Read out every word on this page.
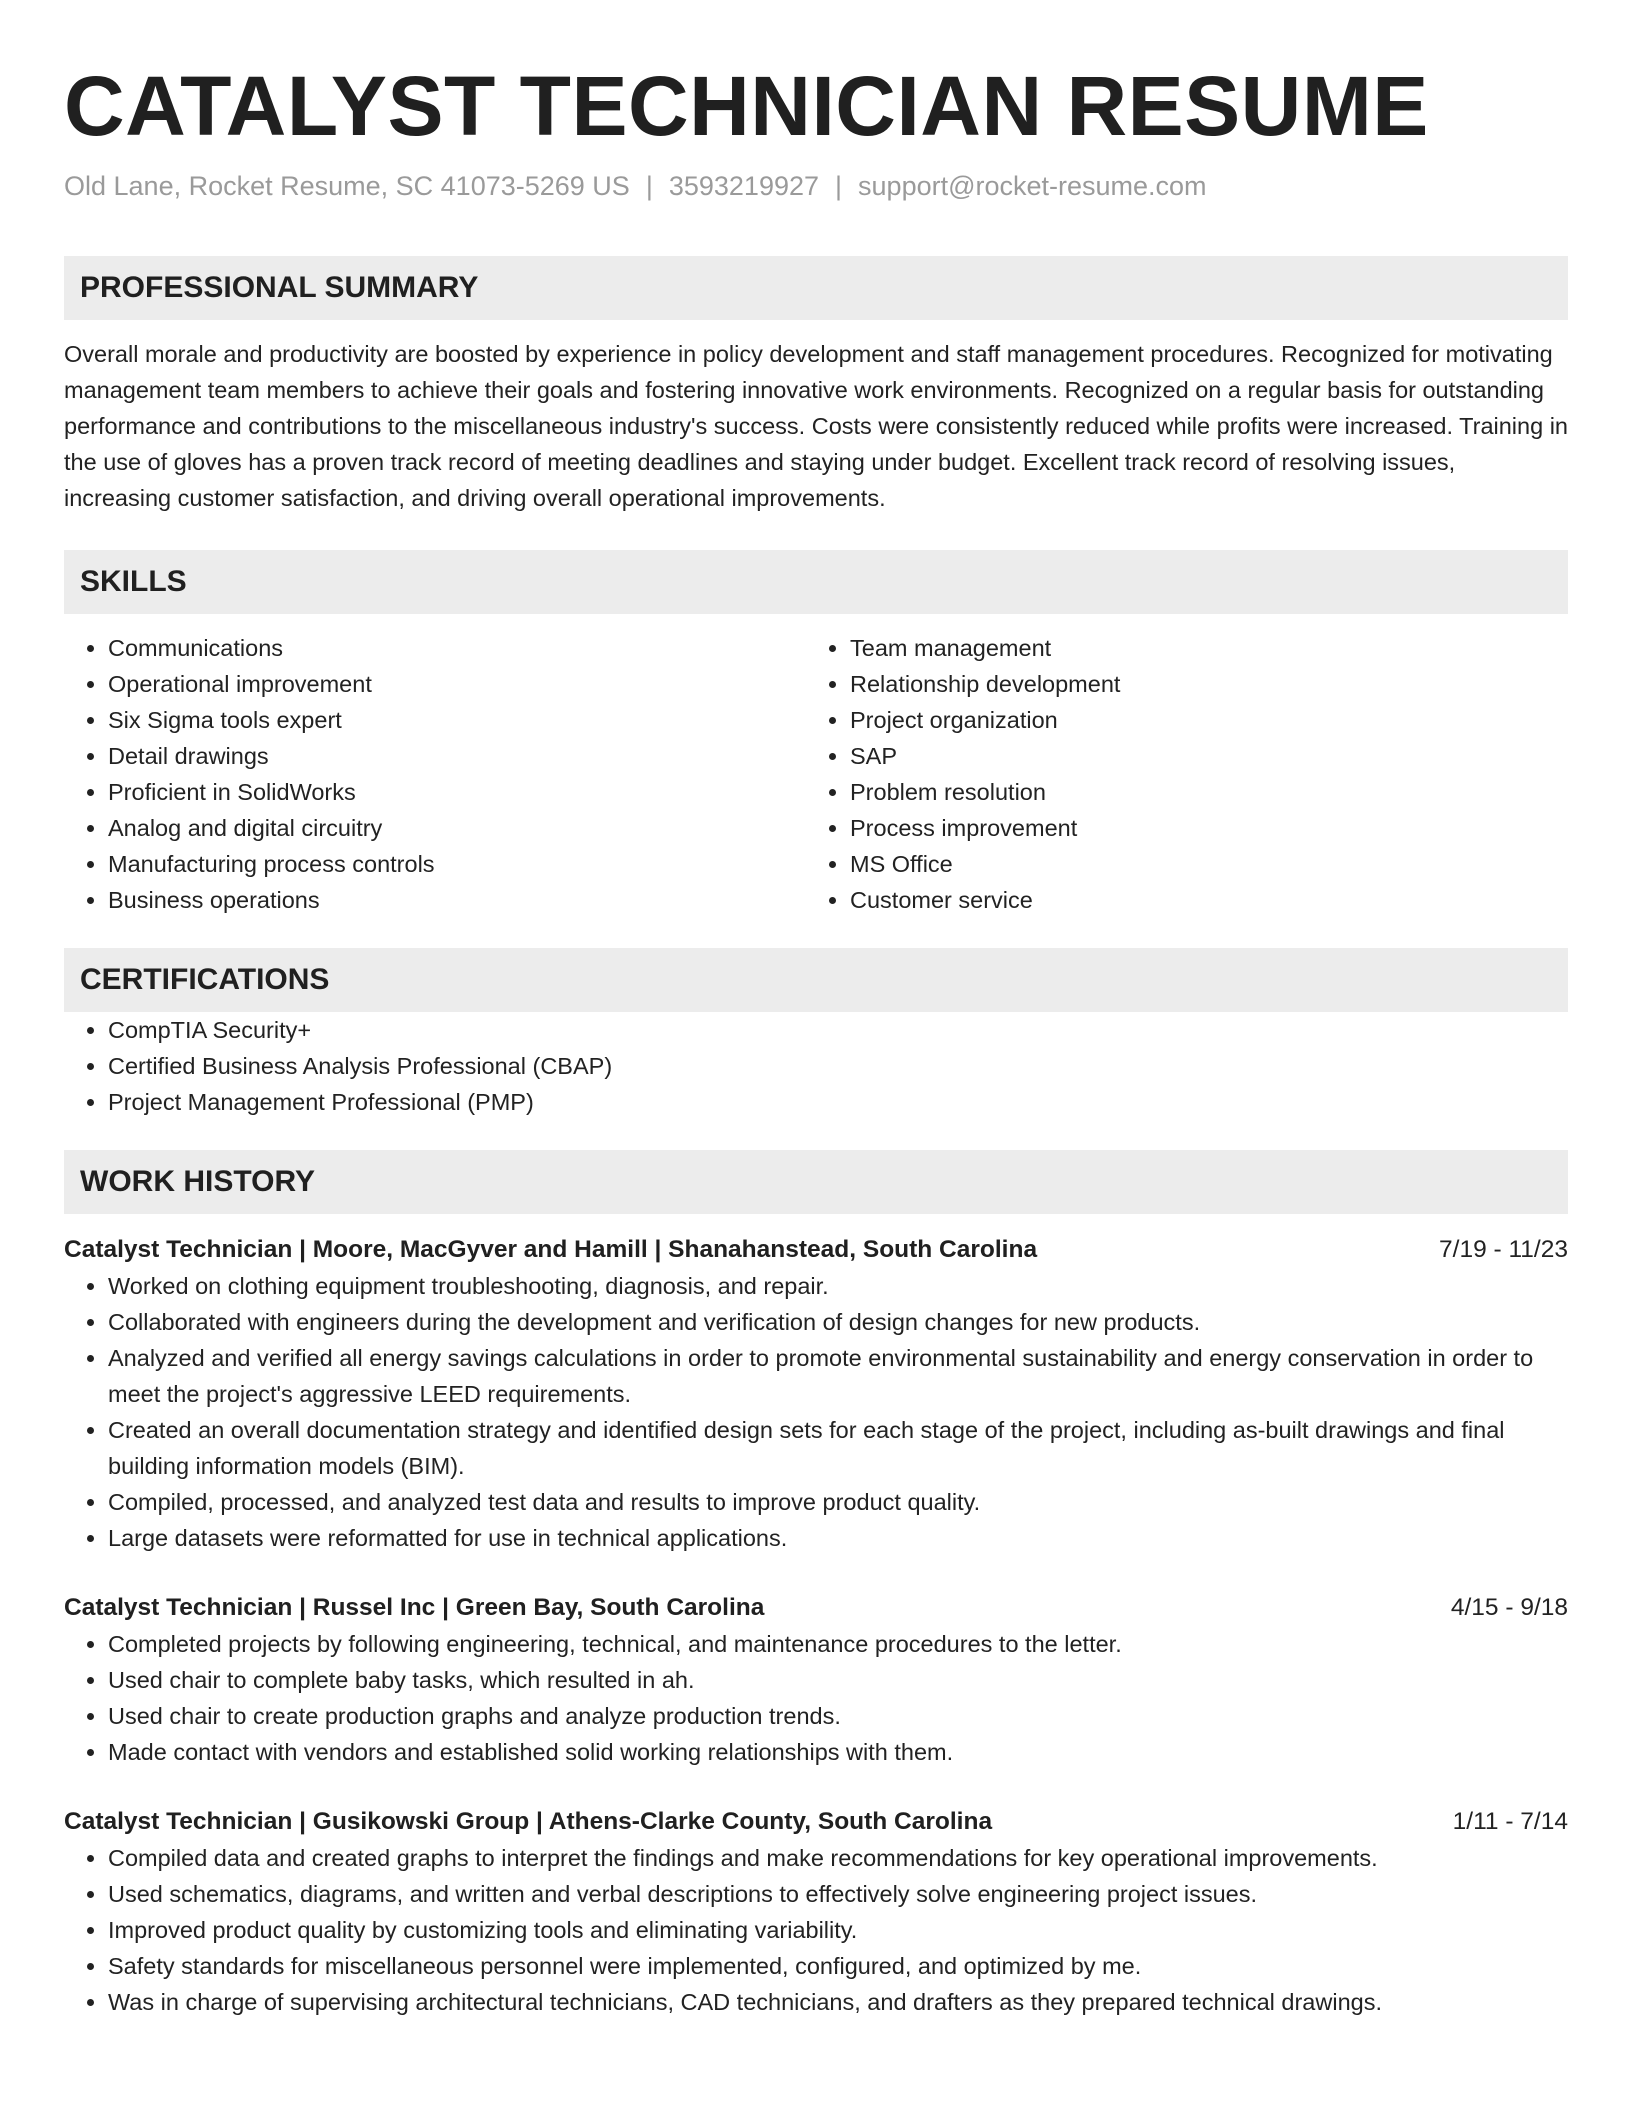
CATALYST TECHNICIAN RESUME
Old Lane, Rocket Resume, SC 41073-5269 US | 3593219927 | support@rocket-resume.com
PROFESSIONAL SUMMARY

Overall morale and productivity are boosted by experience in policy development and staff management procedures. Recognized for motivating management team members to achieve their goals and fostering innovative work environments. Recognized on a regular basis for outstanding performance and contributions to the miscellaneous industry's success. Costs were consistently reduced while profits were increased. Training in the use of gloves has a proven track record of meeting deadlines and staying under budget. Excellent track record of resolving issues, increasing customer satisfaction, and driving overall operational improvements.

SKILLS
• Communications
• Operational improvement
• Six Sigma tools expert
• Detail drawings
• Proficient in SolidWorks
• Analog and digital circuitry
• Manufacturing process controls
• Business operations
• Team management
• Relationship development
• Project organization
• SAP
• Problem resolution
• Process improvement
• MS Office
• Customer service
CERTIFICATIONS
• CompTIA Security+
• Certified Business Analysis Professional (CBAP)
• Project Management Professional (PMP)
WORK HISTORY
Catalyst Technician | Moore, MacGyver and Hamill | Shanahanstead, South Carolina	7/19 - 11/23
• Worked on clothing equipment troubleshooting, diagnosis, and repair.
• Collaborated with engineers during the development and verification of design changes for new products.
• Analyzed and verified all energy savings calculations in order to promote environmental sustainability and energy conservation in order to meet the project's aggressive LEED requirements.
• Created an overall documentation strategy and identified design sets for each stage of the project, including as-built drawings and final building information models (BIM).
• Compiled, processed, and analyzed test data and results to improve product quality.
• Large datasets were reformatted for use in technical applications.
Catalyst Technician | Russel Inc | Green Bay, South Carolina	4/15 - 9/18
• Completed projects by following engineering, technical, and maintenance procedures to the letter.
• Used chair to complete baby tasks, which resulted in ah.
• Used chair to create production graphs and analyze production trends.
• Made contact with vendors and established solid working relationships with them.
Catalyst Technician | Gusikowski Group | Athens-Clarke County, South Carolina	1/11 - 7/14
• Compiled data and created graphs to interpret the findings and make recommendations for key operational improvements.
• Used schematics, diagrams, and written and verbal descriptions to effectively solve engineering project issues.
• Improved product quality by customizing tools and eliminating variability.
• Safety standards for miscellaneous personnel were implemented, configured, and optimized by me.
• Was in charge of supervising architectural technicians, CAD technicians, and drafters as they prepared technical drawings.
